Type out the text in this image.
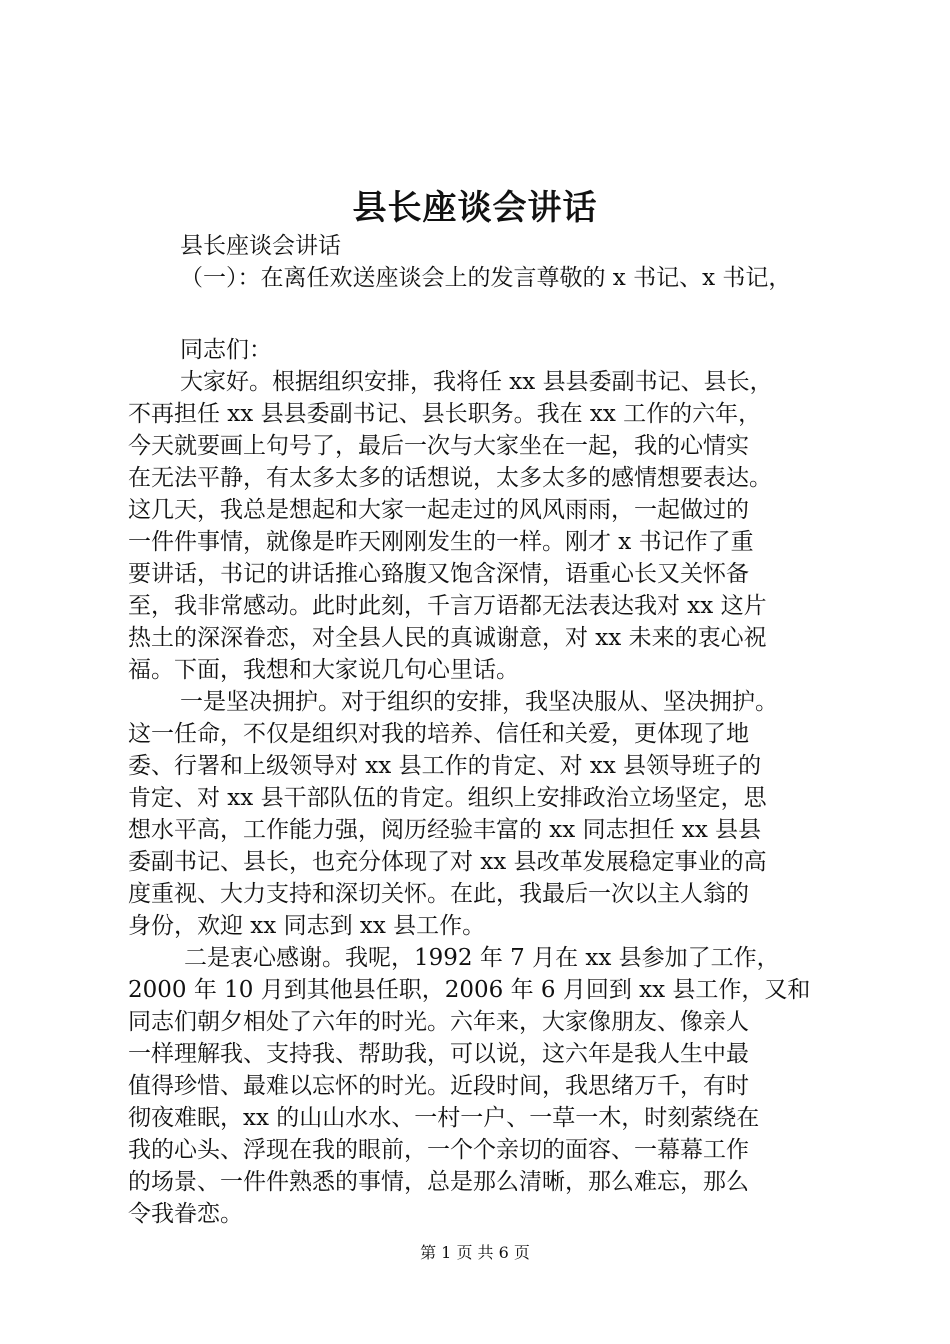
县长座谈会讲话
县长座谈会讲话
（一）：在离任欢送座谈会上的发言尊敬的 x 书记、x 书记，
同志们：
大家好。根据组织安排，我将任 xx 县县委副书记、县长，
不再担任 xx 县县委副书记、县长职务。我在 xx 工作的六年，
今天就要画上句号了，最后一次与大家坐在一起，我的心情实
在无法平静，有太多太多的话想说，太多太多的感情想要表达。
这几天，我总是想起和大家一起走过的风风雨雨，一起做过的
一件件事情，就像是昨天刚刚发生的一样。刚才 x 书记作了重
要讲话，书记的讲话推心臵腹又饱含深情，语重心长又关怀备
至，我非常感动。此时此刻，千言万语都无法表达我对 xx 这片
热土的深深眷恋，对全县人民的真诚谢意，对 xx 未来的衷心祝
福。下面，我想和大家说几句心里话。
一是坚决拥护。对于组织的安排，我坚决服从、坚决拥护。
这一任命，不仅是组织对我的培养、信任和关爱，更体现了地
委、行署和上级领导对 xx 县工作的肯定、对 xx 县领导班子的
肯定、对 xx 县干部队伍的肯定。组织上安排政治立场坚定，思
想水平高，工作能力强，阅历经验丰富的 xx 同志担任 xx 县县
委副书记、县长，也充分体现了对 xx 县改革发展稳定事业的高
度重视、大力支持和深切关怀。在此，我最后一次以主人翁的
身份，欢迎 xx 同志到 xx 县工作。
二是衷心感谢。我呢，1992 年 7 月在 xx 县参加了工作，
2000 年 10 月到其他县任职，2006 年 6 月回到 xx 县工作，又和
同志们朝夕相处了六年的时光。六年来，大家像朋友、像亲人
一样理解我、支持我、帮助我，可以说，这六年是我人生中最
值得珍惜、最难以忘怀的时光。近段时间，我思绪万千，有时
彻夜难眠，xx 的山山水水、一村一户、一草一木，时刻萦绕在
我的心头、浮现在我的眼前，一个个亲切的面容、一幕幕工作
的场景、一件件熟悉的事情，总是那么清晰，那么难忘，那么
令我眷恋。
第 1 页 共 6 页
